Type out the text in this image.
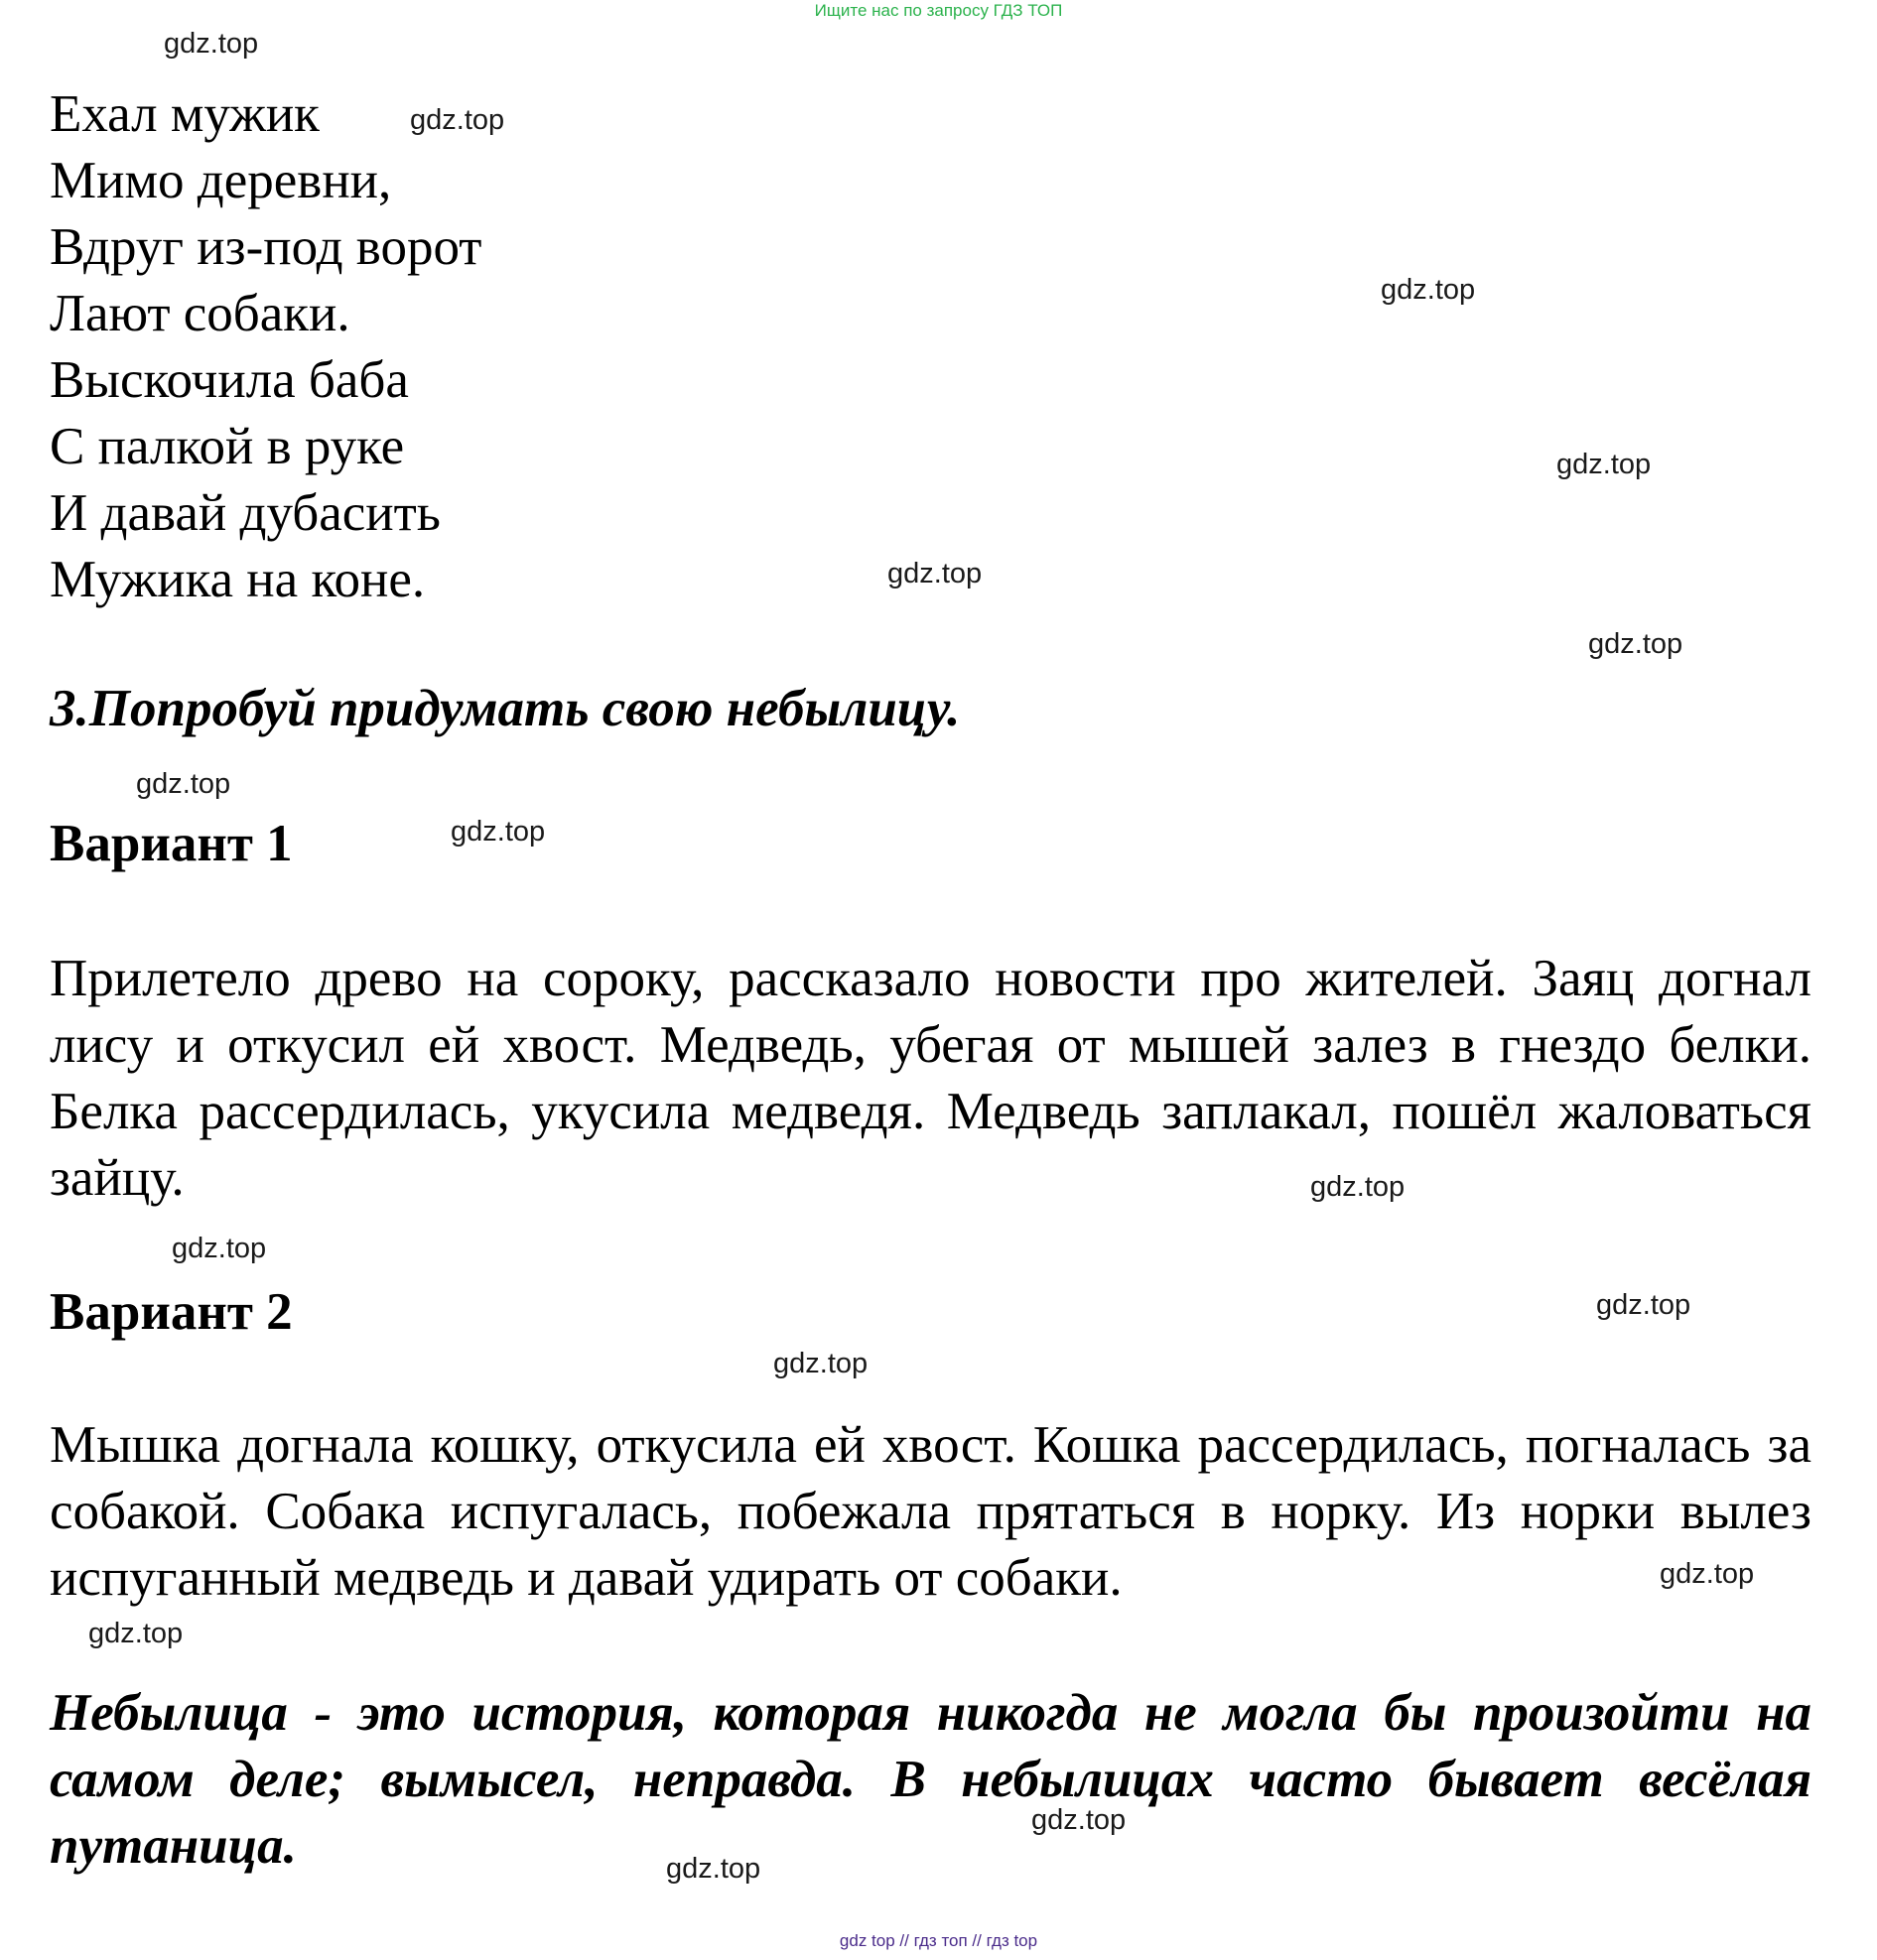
Ищите нас по запросу ГДЗ ТОП
Ехал мужик
Мимо деревни,
Вдруг из-под ворот
Лают собаки.
Выскочила баба
С палкой в руке
И давай дубасить
Мужика на коне.
3.Попробуй придумать свою небылицу.
Вариант 1
Прилетело древо на сороку, рассказало новости про жителей. Заяц догнал лису и откусил ей хвост. Медведь, убегая от мышей залез в гнездо белки. Белка рассердилась, укусила медведя. Медведь заплакал, пошёл жаловаться зайцу.
Вариант 2
Мышка догнала кошку, откусила ей хвост. Кошка рассердилась, погналась за собакой. Собака испугалась, побежала прятаться в норку. Из норки вылез испуганный медведь и давай удирать от собаки.
Небылица - это история, которая никогда не могла бы произойти на самом деле; вымысел, неправда. В небылицах часто бывает весёлая путаница.
gdz.top
gdz.top
gdz.top
gdz.top
gdz.top
gdz.top
gdz.top
gdz.top
gdz.top
gdz.top
gdz.top
gdz.top
gdz.top
gdz.top
gdz.top
gdz.top
gdz top // гдз топ // гдз top
